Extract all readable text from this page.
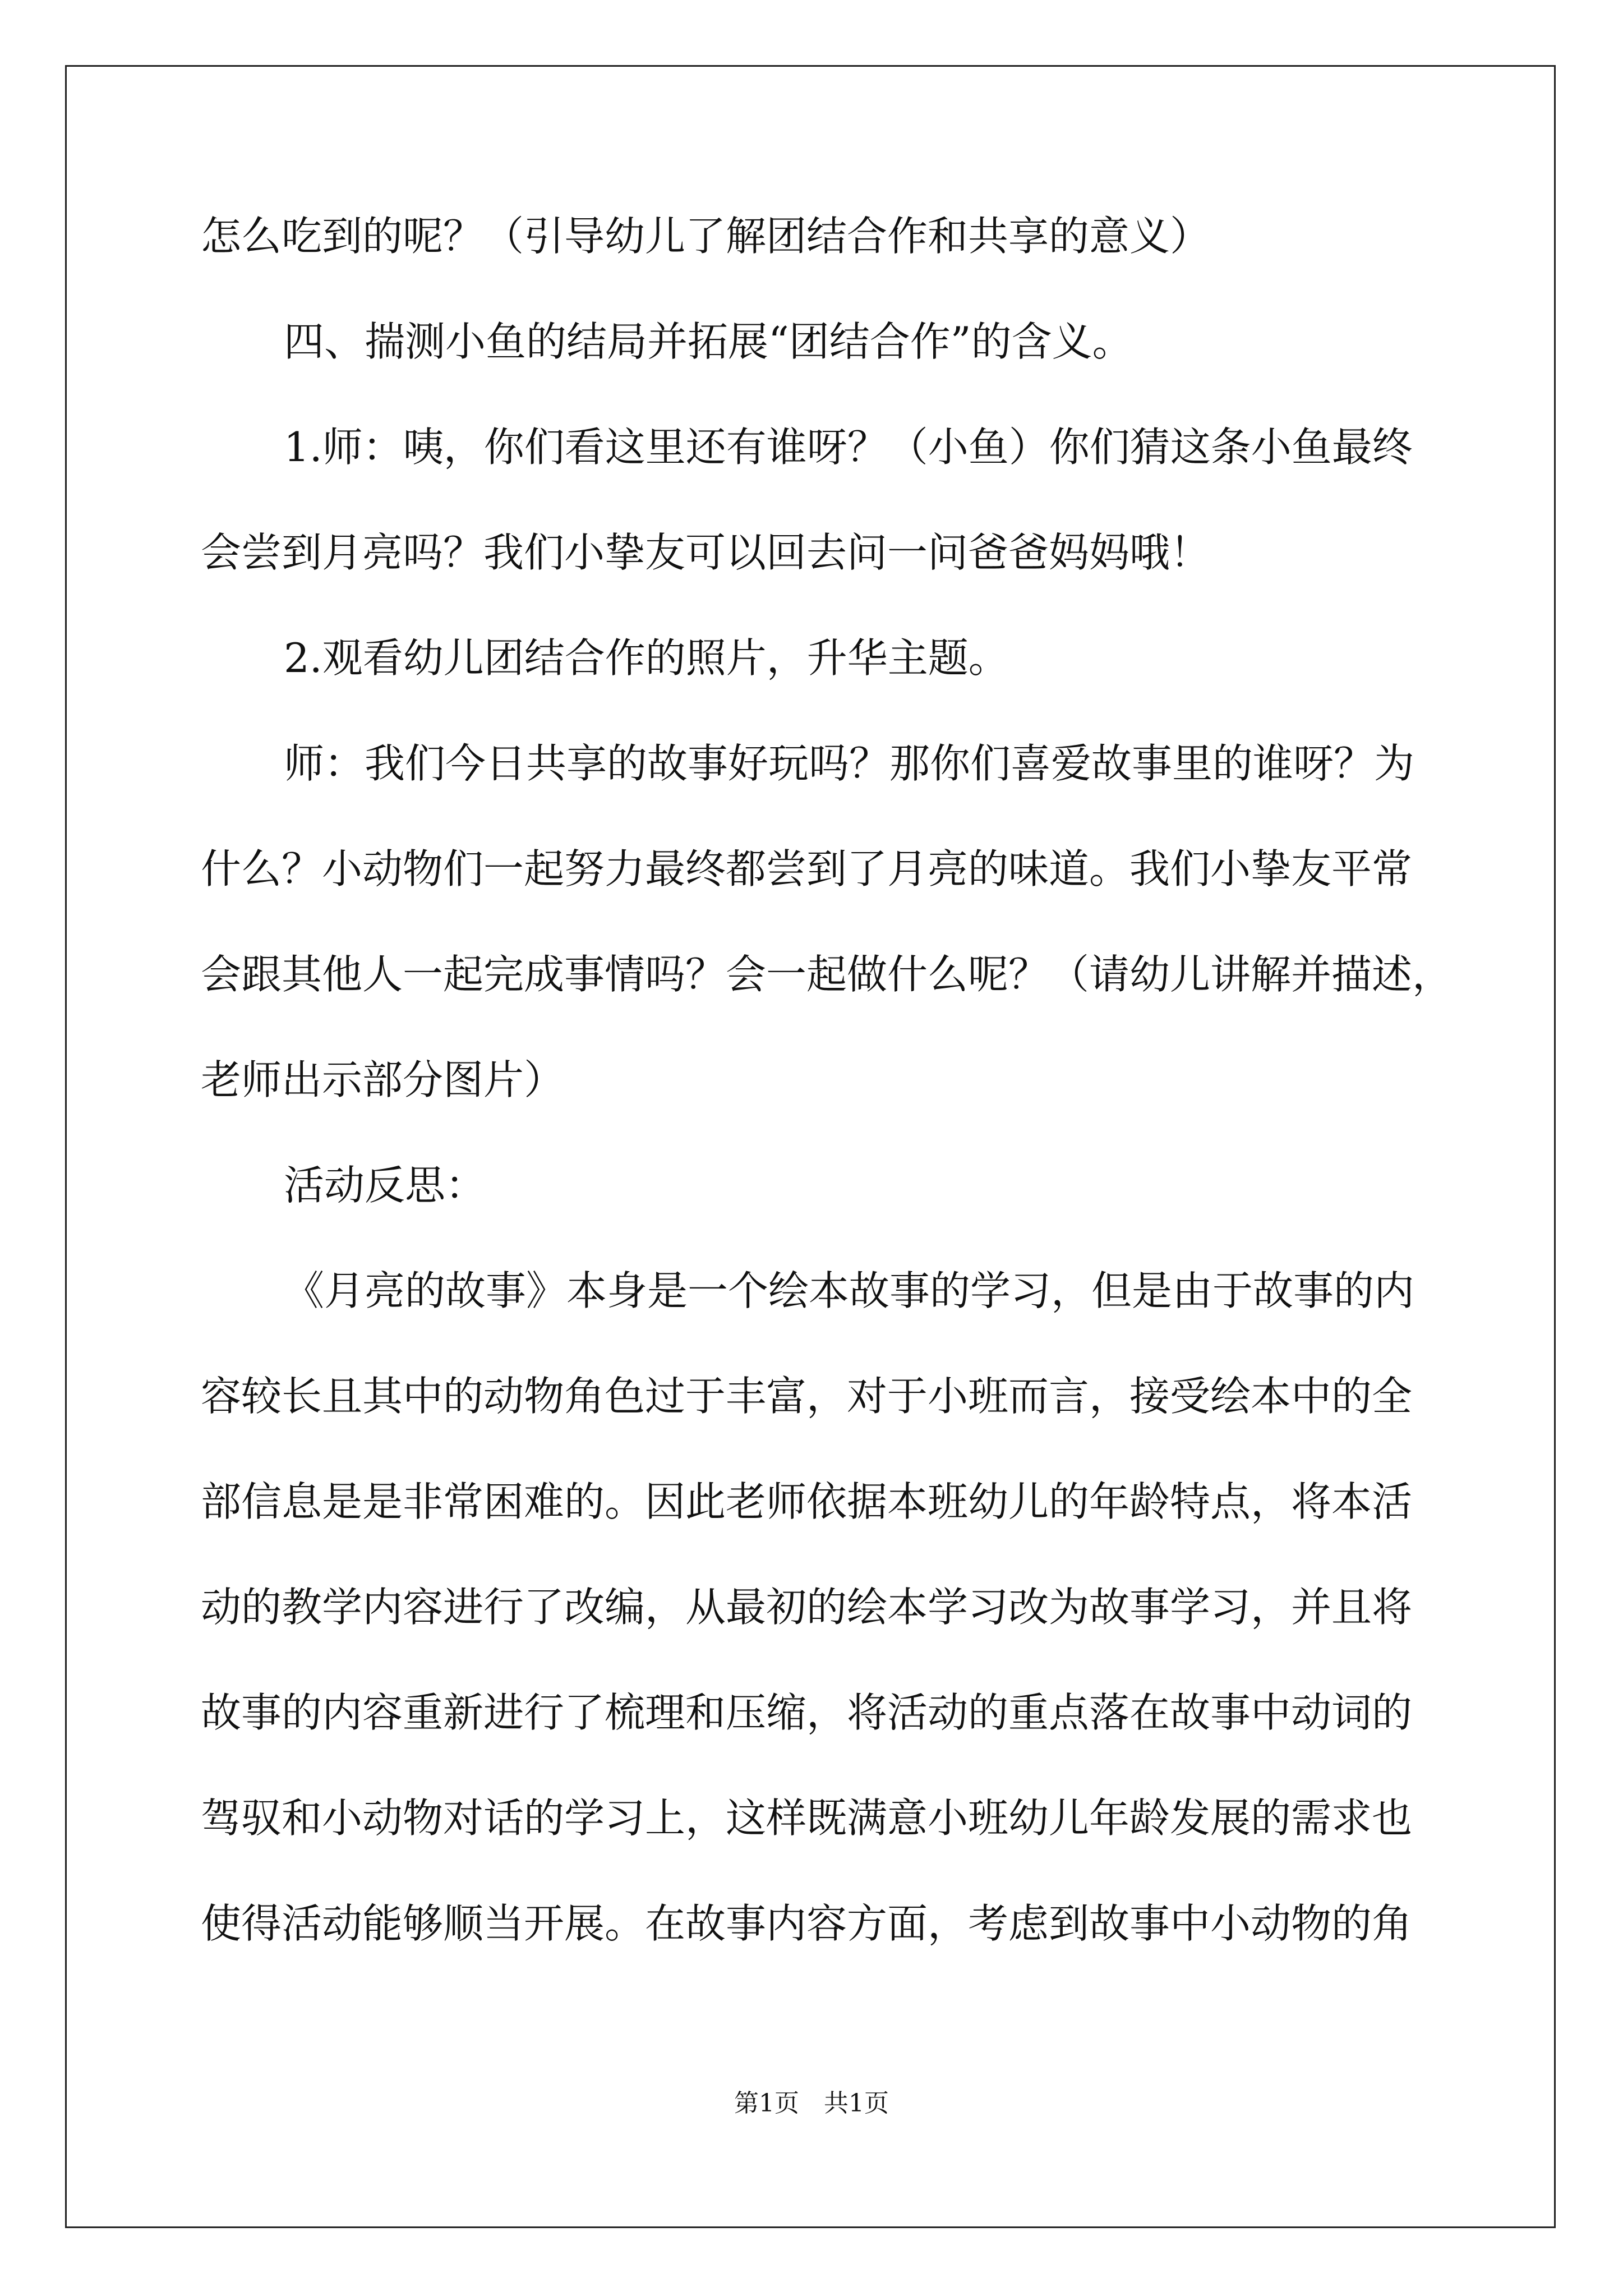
怎么吃到的呢？（引导幼儿了解团结合作和共享的意义）
四、揣测小鱼的结局并拓展“团结合作”的含义。
1.师：咦，你们看这里还有谁呀？（小鱼）你们猜这条小鱼最终
会尝到月亮吗？我们小挚友可以回去问一问爸爸妈妈哦！
2.观看幼儿团结合作的照片，升华主题。
师：我们今日共享的故事好玩吗？那你们喜爱故事里的谁呀？为
什么？小动物们一起努力最终都尝到了月亮的味道。我们小挚友平常
会跟其他人一起完成事情吗？会一起做什么呢？（请幼儿讲解并描述，
老师出示部分图片）
活动反思：
《月亮的故事》本身是一个绘本故事的学习，但是由于故事的内
容较长且其中的动物角色过于丰富，对于小班而言，接受绘本中的全
部信息是是非常困难的。因此老师依据本班幼儿的年龄特点，将本活
动的教学内容进行了改编，从最初的绘本学习改为故事学习，并且将
故事的内容重新进行了梳理和压缩，将活动的重点落在故事中动词的
驾驭和小动物对话的学习上，这样既满意小班幼儿年龄发展的需求也
使得活动能够顺当开展。在故事内容方面，考虑到故事中小动物的角
第1页　共1页
